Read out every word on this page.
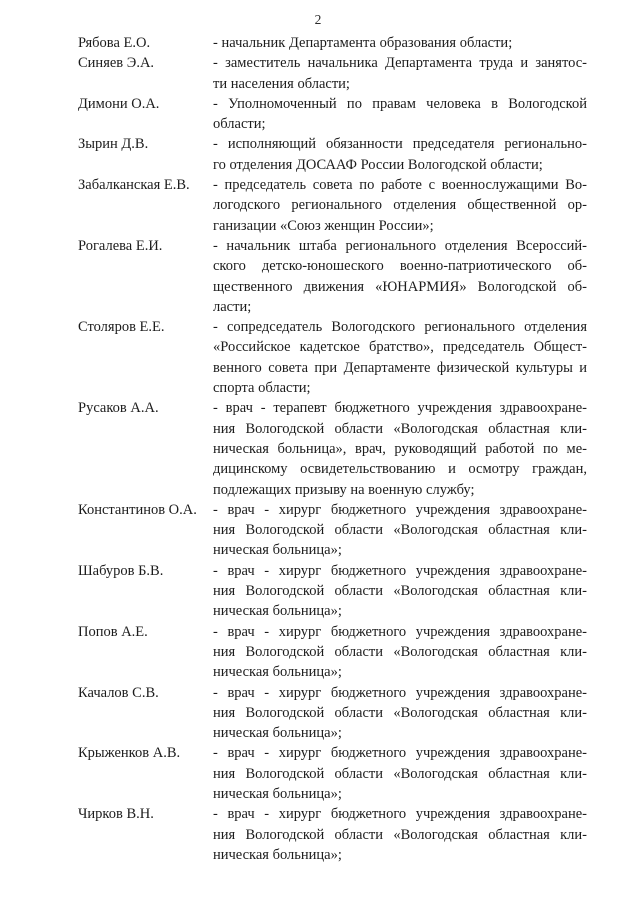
2
Рябова Е.О.	- начальник Департамента образования области;
Синяев Э.А.	- заместитель начальника Департамента труда и занятос-
ти населения области;
Димони О.А.	- Уполномоченный по правам человека в Вологодской
области;
Зырин Д.В.	- исполняющий обязанности председателя регионально-
го отделения ДОСААФ России Вологодской области;
Забалканская Е.В.	- председатель совета по работе с военнослужащими Во-
логодского регионального отделения общественной ор-
ганизации «Союз женщин России»;
Рогалева Е.И.	- начальник штаба регионального отделения Всероссий-
ского детско-юношеского военно-патриотического об-
щественного движения «ЮНАРМИЯ» Вологодской об-
ласти;
Столяров Е.Е.	- сопредседатель Вологодского регионального отделения
«Российское кадетское братство», председатель Общест-
венного совета при Департаменте физической культуры и
спорта области;
Русаков А.А.	- врач - терапевт бюджетного учреждения здравоохране-
ния Вологодской области «Вологодская областная кли-
ническая больница», врач, руководящий работой по ме-
дицинскому освидетельствованию и осмотру граждан,
подлежащих призыву на военную службу;
Константинов О.А.	- врач - хирург бюджетного учреждения здравоохране-
ния Вологодской области «Вологодская областная кли-
ническая больница»;
Шабуров Б.В.	- врач - хирург бюджетного учреждения здравоохране-
ния Вологодской области «Вологодская областная кли-
ническая больница»;
Попов А.Е.	- врач - хирург бюджетного учреждения здравоохране-
ния Вологодской области «Вологодская областная кли-
ническая больница»;
Качалов С.В.	- врач - хирург бюджетного учреждения здравоохране-
ния Вологодской области «Вологодская областная кли-
ническая больница»;
Крыженков А.В.	- врач - хирург бюджетного учреждения здравоохране-
ния Вологодской области «Вологодская областная кли-
ническая больница»;
Чирков В.Н.	- врач - хирург бюджетного учреждения здравоохране-
ния Вологодской области «Вологодская областная кли-
ническая больница»;
